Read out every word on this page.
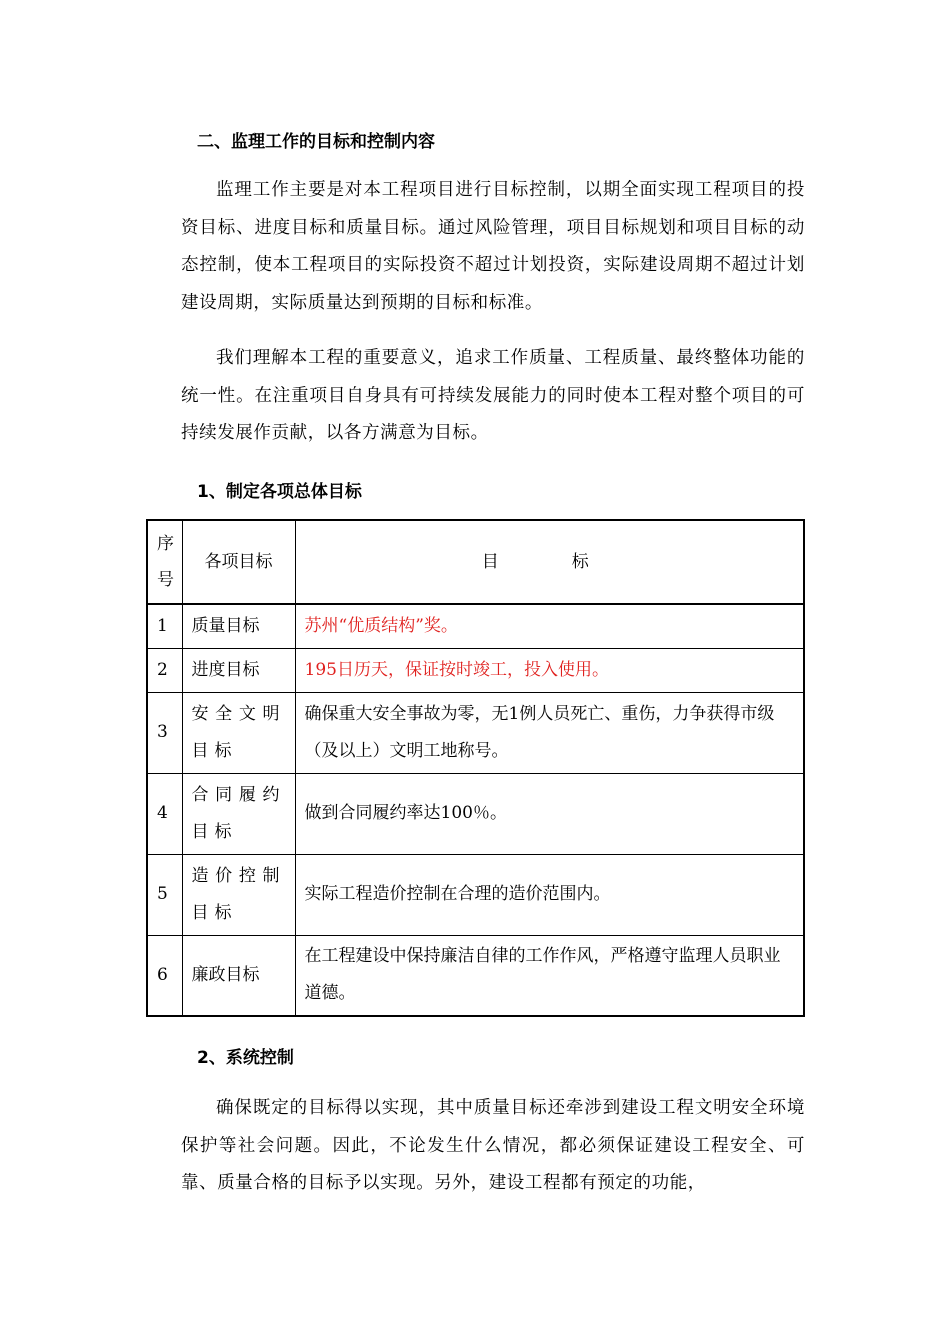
二、监理工作的目标和控制内容
监理工作主要是对本工程项目进行目标控制，以期全面实现工程项目的投资目标、进度目标和质量目标。通过风险管理，项目目标规划和项目目标的动态控制，使本工程项目的实际投资不超过计划投资，实际建设周期不超过计划建设周期，实际质量达到预期的目标和标准。
我们理解本工程的重要意义，追求工作质量、工程质量、最终整体功能的统一性。在注重项目自身具有可持续发展能力的同时使本工程对整个项目的可持续发展作贡献，以各方满意为目标。
1、制定各项总体目标
序号	各项目标	目　标
1	质量目标	苏州“优质结构”奖。
2	进度目标	195日历天，保证按时竣工，投入使用。
3	安全文明目标	确保重大安全事故为零，无1例人员死亡、重伤，力争获得市级（及以上）文明工地称号。
4	合同履约目标	做到合同履约率达100％。
5	造价控制目标	实际工程造价控制在合理的造价范围内。
6	廉政目标	在工程建设中保持廉洁自律的工作作风，严格遵守监理人员职业道德。
2、系统控制
确保既定的目标得以实现，其中质量目标还牵涉到建设工程文明安全环境保护等社会问题。因此，不论发生什么情况，都必须保证建设工程安全、可靠、质量合格的目标予以实现。另外，建设工程都有预定的功能，
